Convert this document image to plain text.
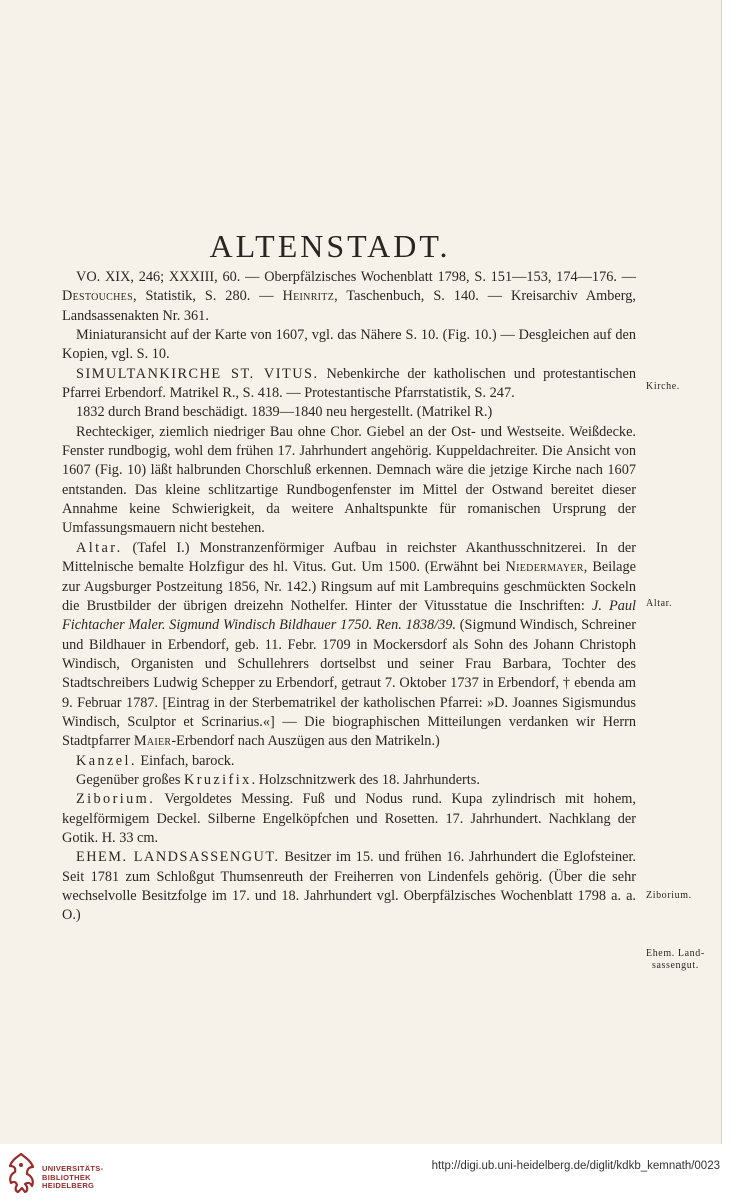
ALTENSTADT.

VO. XIX, 246; XXXIII, 60. — Oberpfälzisches Wochenblatt 1798, S. 151—153, 174—176. — Destouches, Statistik, S. 280. — Heinritz, Taschenbuch, S. 140. — Kreisarchiv Amberg, Landsassenakten Nr. 361.

Miniaturansicht auf der Karte von 1607, vgl. das Nähere S. 10. (Fig. 10.) — Desgleichen auf den Kopien, vgl. S. 10.

SIMULTANKIRCHE ST. VITUS. Nebenkirche der katholischen und protestantischen Pfarrei Erbendorf. Matrikel R., S. 418. — Protestantische Pfarrstatistik, S. 247.

1832 durch Brand beschädigt. 1839—1840 neu hergestellt. (Matrikel R.)

Rechteckiger, ziemlich niedriger Bau ohne Chor. Giebel an der Ost- und Westseite. Weißdecke. Fenster rundbogig, wohl dem frühen 17. Jahrhundert angehörig. Kuppeldachreiter. Die Ansicht von 1607 (Fig. 10) läßt halbrunden Chorschluß erkennen. Demnach wäre die jetzige Kirche nach 1607 entstanden. Das kleine schlitzartige Rundbogenfenster im Mittel der Ostwand bereitet dieser Annahme keine Schwierigkeit, da weitere Anhaltspunkte für romanischen Ursprung der Umfassungsmauern nicht bestehen.

Altar. (Tafel I.) Monstranzenförmiger Aufbau in reichster Akanthusschnitzerei. In der Mittelnische bemalte Holzfigur des hl. Vitus. Gut. Um 1500. (Erwähnt bei Niedermayer, Beilage zur Augsburger Postzeitung 1856, Nr. 142.) Ringsum auf mit Lambrequins geschmückten Sockeln die Brustbilder der übrigen dreizehn Nothelfer. Hinter der Vitusstatue die Inschriften: J. Paul Fichtacher Maler. Sigmund Windisch Bildhauer 1750. Ren. 1838/39. (Sigmund Windisch, Schreiner und Bildhauer in Erbendorf, geb. 11. Febr. 1709 in Mockersdorf als Sohn des Johann Christoph Windisch, Organisten und Schullehrers dortselbst und seiner Frau Barbara, Tochter des Stadtschreibers Ludwig Schepper zu Erbendorf, getraut 7. Oktober 1737 in Erbendorf, † ebenda am 9. Februar 1787. [Eintrag in der Sterbematrikel der katholischen Pfarrei: »D. Joannes Sigismundus Windisch, Sculptor et Scrinarius.«] — Die biographischen Mitteilungen verdanken wir Herrn Stadtpfarrer Maier-Erbendorf nach Auszügen aus den Matrikeln.)

Kanzel. Einfach, barock.

Gegenüber großes Kruzifix. Holzschnitzwerk des 18. Jahrhunderts.

Ziborium. Vergoldetes Messing. Fuß und Nodus rund. Kupa zylindrisch mit hohem, kegelförmigem Deckel. Silberne Engelköpfchen und Rosetten. 17. Jahrhundert. Nachklang der Gotik. H. 33 cm.

EHEM. LANDSASSENGUT. Besitzer im 15. und frühen 16. Jahrhundert die Eglofsteiner. Seit 1781 zum Schloßgut Thumsenreuth der Freiherren von Lindenfels gehörig. (Über die sehr wechselvolle Besitzfolge im 17. und 18. Jahrhundert vgl. Oberpfälzisches Wochenblatt 1798 a. a. O.)

Kirche.
Altar.
Ziborium.
Ehem. Land-
sassengut.
UNIVERSITÄTS-
BIBLIOTHEK
HEIDELBERG
http://digi.ub.uni-heidelberg.de/diglit/kdkb_kemnath/0023
